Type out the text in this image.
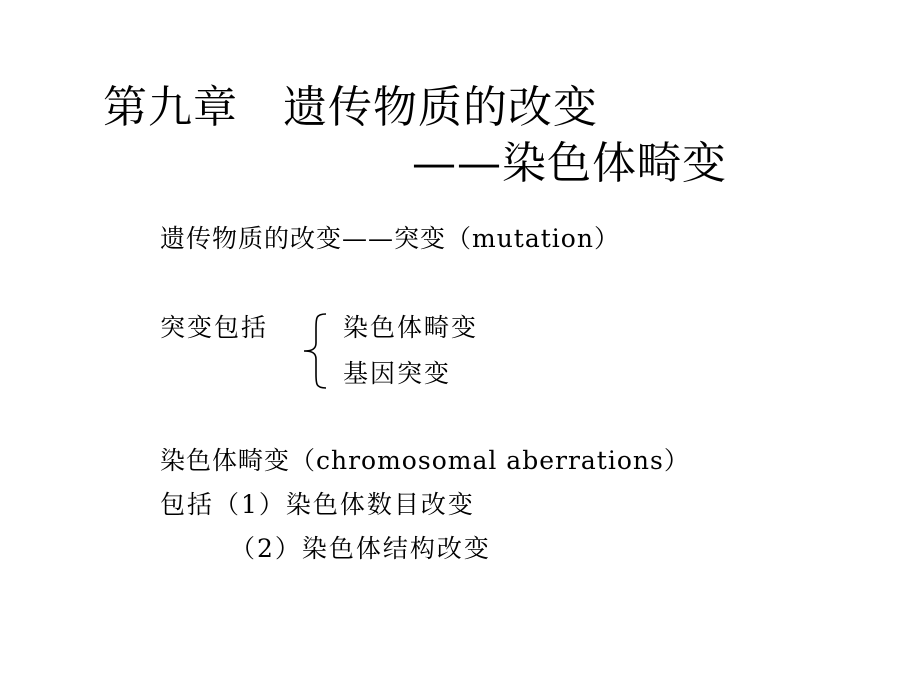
第九章　遗传物质的改变
——染色体畸变
遗传物质的改变——突变（mutation）
突变包括	染色体畸变
基因突变
染色体畸变（chromosomal aberrations）
包括（1）染色体数目改变
（2）染色体结构改变
